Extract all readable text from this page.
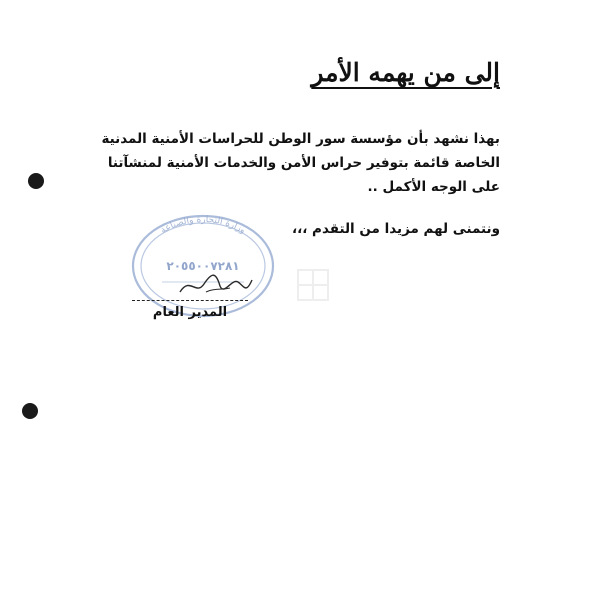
إلى من يهمه الأمر
بهذا نشهد بأن مؤسسة سور الوطن للحراسات الأمنية المدنية
الخاصة قائمة بتوفير حراس الأمن والخدمات الأمنية لمنشآتنا
على الوجه الأكمل ..
ونتمنى لهم مزيدا من التقدم ،،،
وزارة التجارة والصناعة
٢٠٥٥٠٠٧٢٨١
المدير العام
